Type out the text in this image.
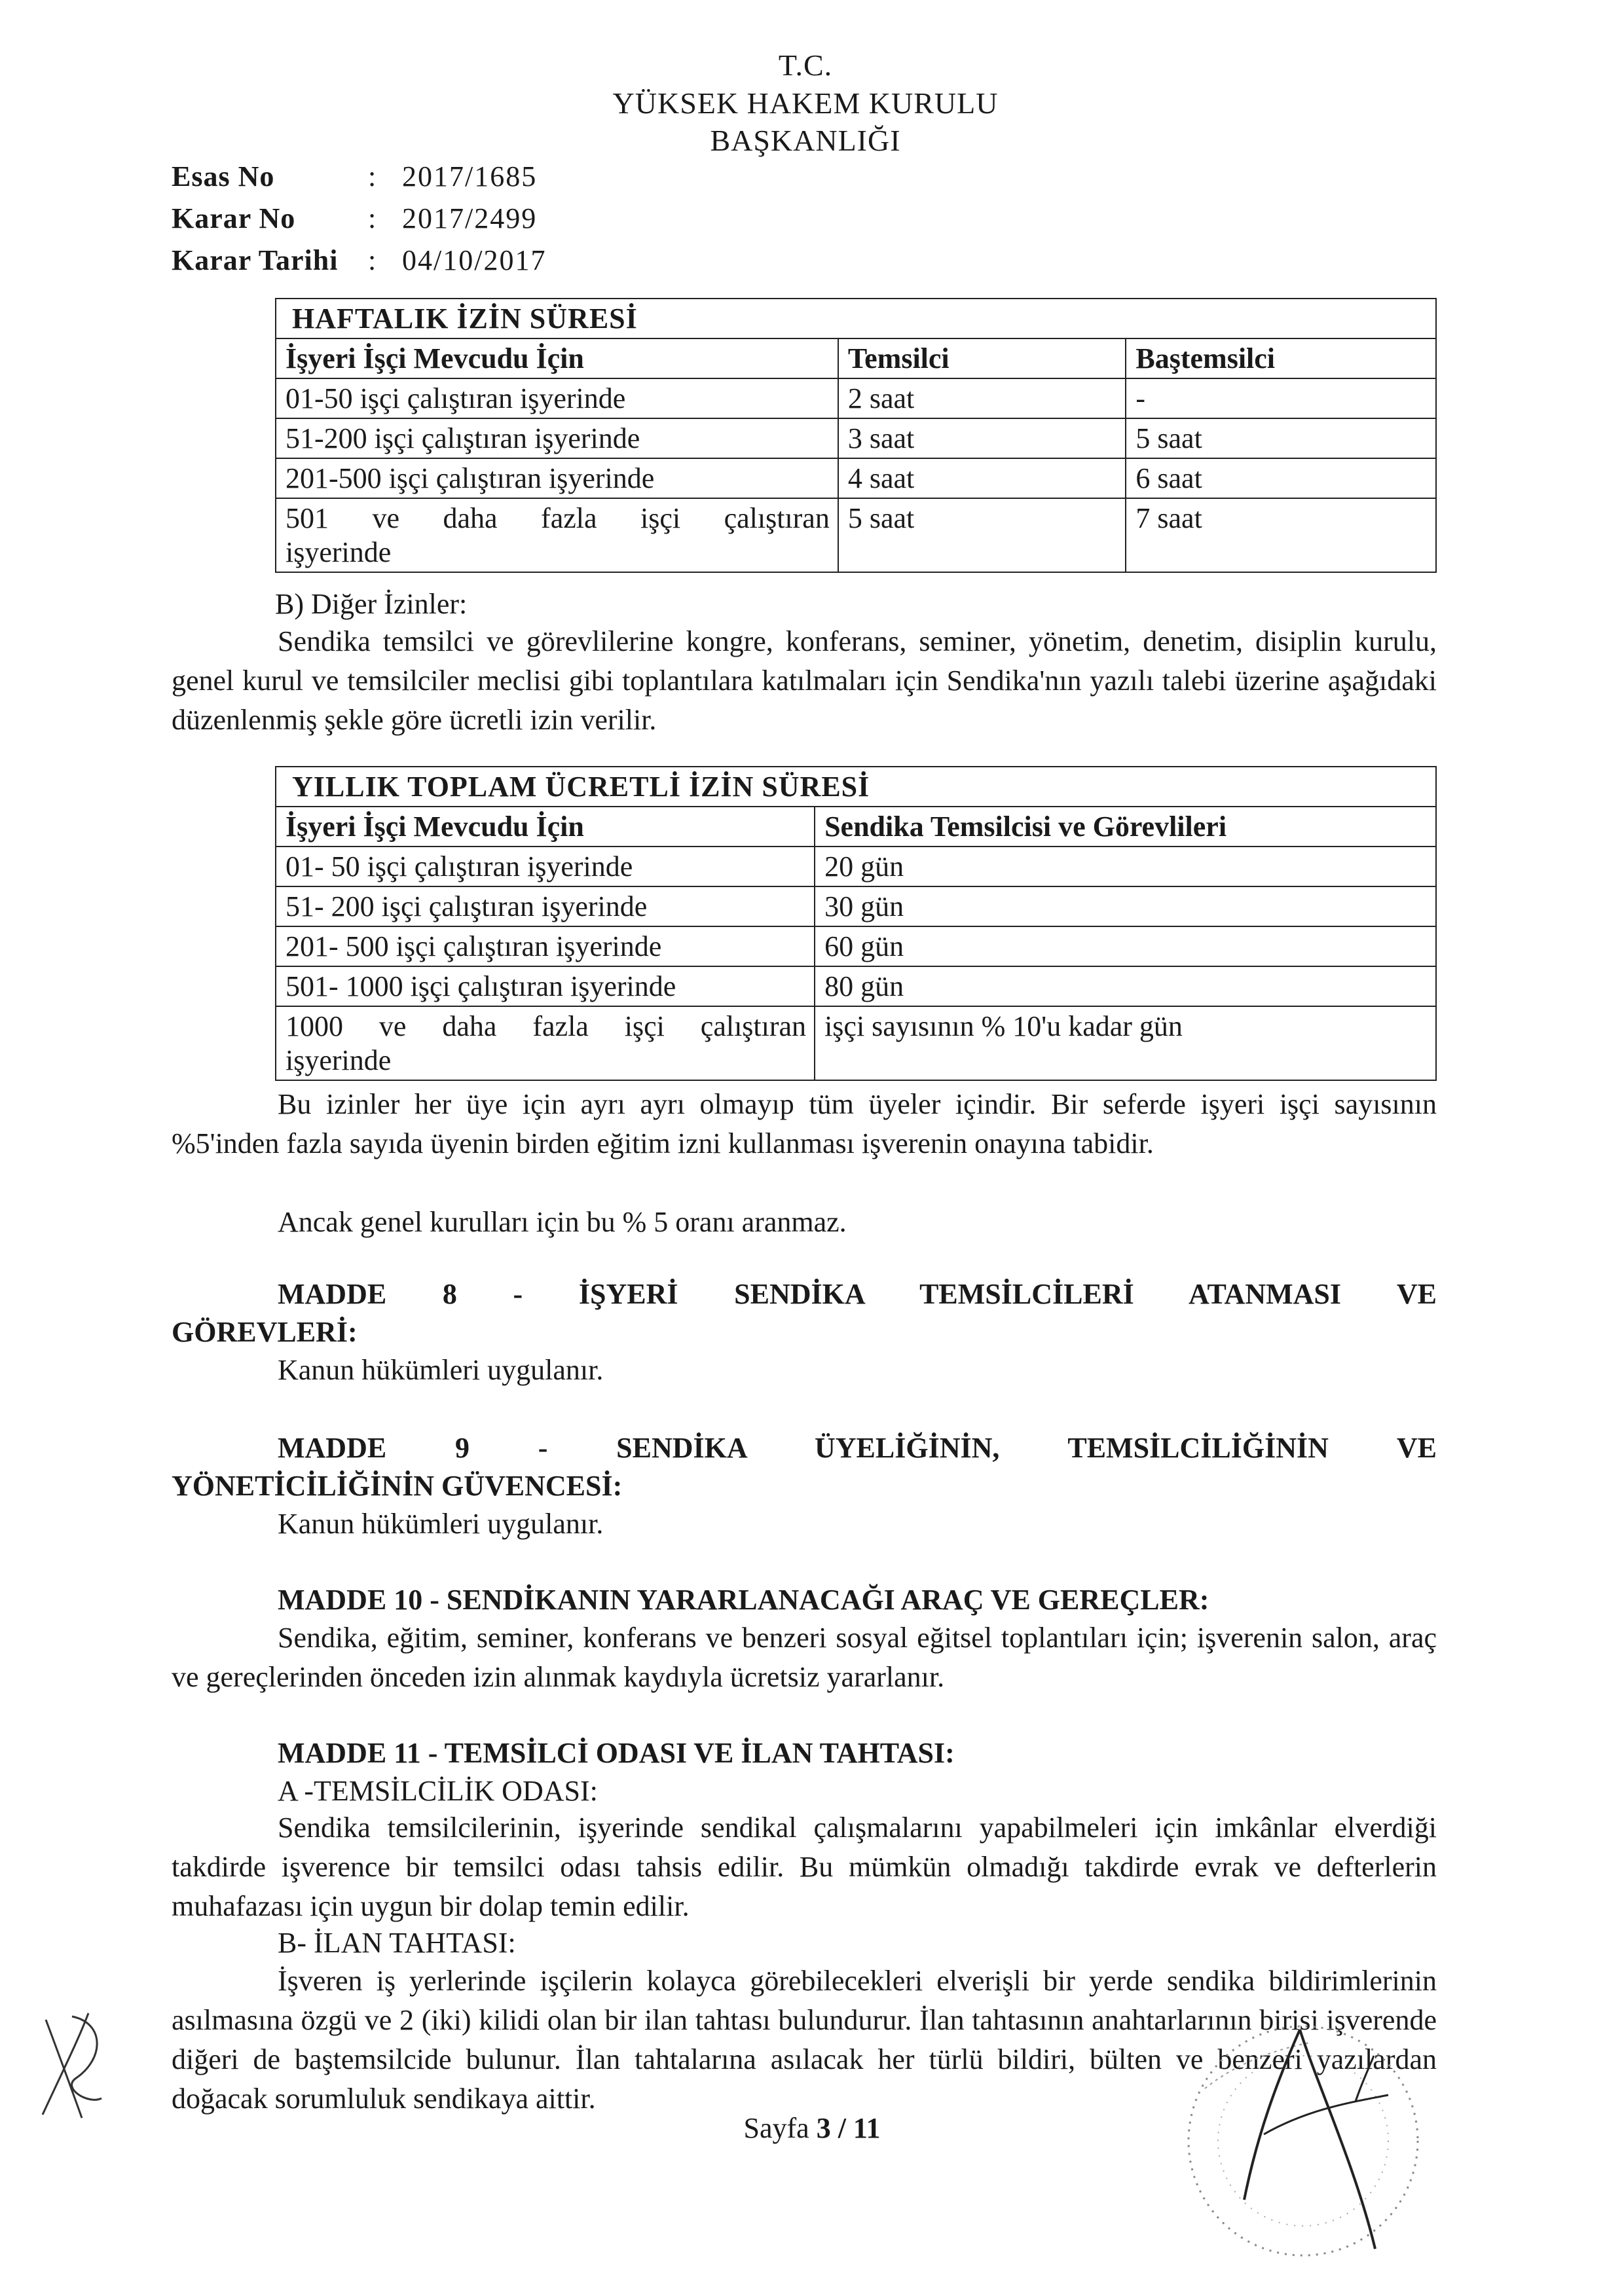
T.C.
YÜKSEK HAKEM KURULU
BAŞKANLIĞI
Esas No	: 2017/1685
Karar No	: 2017/2499
Karar Tarihi	: 04/10/2017
HAFTALIK İZİN SÜRESİ		
İşyeri İşçi Mevcudu İçin	Temsilci	Baştemsilci
01-50 işçi çalıştıran işyerinde	2 saat	-
51-200 işçi çalıştıran işyerinde	3 saat	5 saat
201-500 işçi çalıştıran işyerinde	4 saat	6 saat

501 ve daha fazla işçi çalıştıran
işyerinde	5 saat	7 saat
B) Diğer İzinler:
Sendika temsilci ve görevlilerine kongre, konferans, seminer, yönetim, denetim, disiplin kurulu, genel kurul ve temsilciler meclisi gibi toplantılara katılmaları için Sendika'nın yazılı talebi üzerine aşağıdaki düzenlenmiş şekle göre ücretli izin verilir.
YILLIK TOPLAM ÜCRETLİ İZİN SÜRESİ	
İşyeri İşçi Mevcudu İçin	Sendika Temsilcisi ve Görevlileri
01- 50 işçi çalıştıran işyerinde	20 gün
51- 200 işçi çalıştıran işyerinde	30 gün
201- 500 işçi çalıştıran işyerinde	60 gün
501- 1000 işçi çalıştıran işyerinde	80 gün

1000 ve daha fazla işçi çalıştıran
işyerinde	işçi sayısının % 10'u kadar gün
Bu izinler her üye için ayrı ayrı olmayıp tüm üyeler içindir. Bir seferde işyeri işçi sayısının %5'inden fazla sayıda üyenin birden eğitim izni kullanması işverenin onayına tabidir.
Ancak genel kurulları için bu % 5 oranı aranmaz.
MADDE 8 - İŞYERİ SENDİKA TEMSİLCİLERİ ATANMASI VE
GÖREVLERİ:
Kanun hükümleri uygulanır.
MADDE 9 - SENDİKA ÜYELİĞİNİN, TEMSİLCİLİĞİNİN VE
YÖNETİCİLİĞİNİN GÜVENCESİ:
Kanun hükümleri uygulanır.
MADDE 10 - SENDİKANIN YARARLANACAĞI ARAÇ VE GEREÇLER:
Sendika, eğitim, seminer, konferans ve benzeri sosyal eğitsel toplantıları için; işverenin salon, araç ve gereçlerinden önceden izin alınmak kaydıyla ücretsiz yararlanır.
MADDE 11 - TEMSİLCİ ODASI VE İLAN TAHTASI:
A -TEMSİLCİLİK ODASI:
Sendika temsilcilerinin, işyerinde sendikal çalışmalarını yapabilmeleri için imkânlar elverdiği takdirde işverence bir temsilci odası tahsis edilir. Bu mümkün olmadığı takdirde evrak ve defterlerin muhafazası için uygun bir dolap temin edilir.
B- İLAN TAHTASI:
İşveren iş yerlerinde işçilerin kolayca görebilecekleri elverişli bir yerde sendika bildirimlerinin asılmasına özgü ve 2 (iki) kilidi olan bir ilan tahtası bulundurur. İlan tahtasının anahtarlarının birisi işverende diğeri de baştemsilcide bulunur. İlan tahtalarına asılacak her türlü bildiri, bülten ve benzeri yazılardan doğacak sorumluluk sendikaya aittir.
Sayfa 3 / 11
